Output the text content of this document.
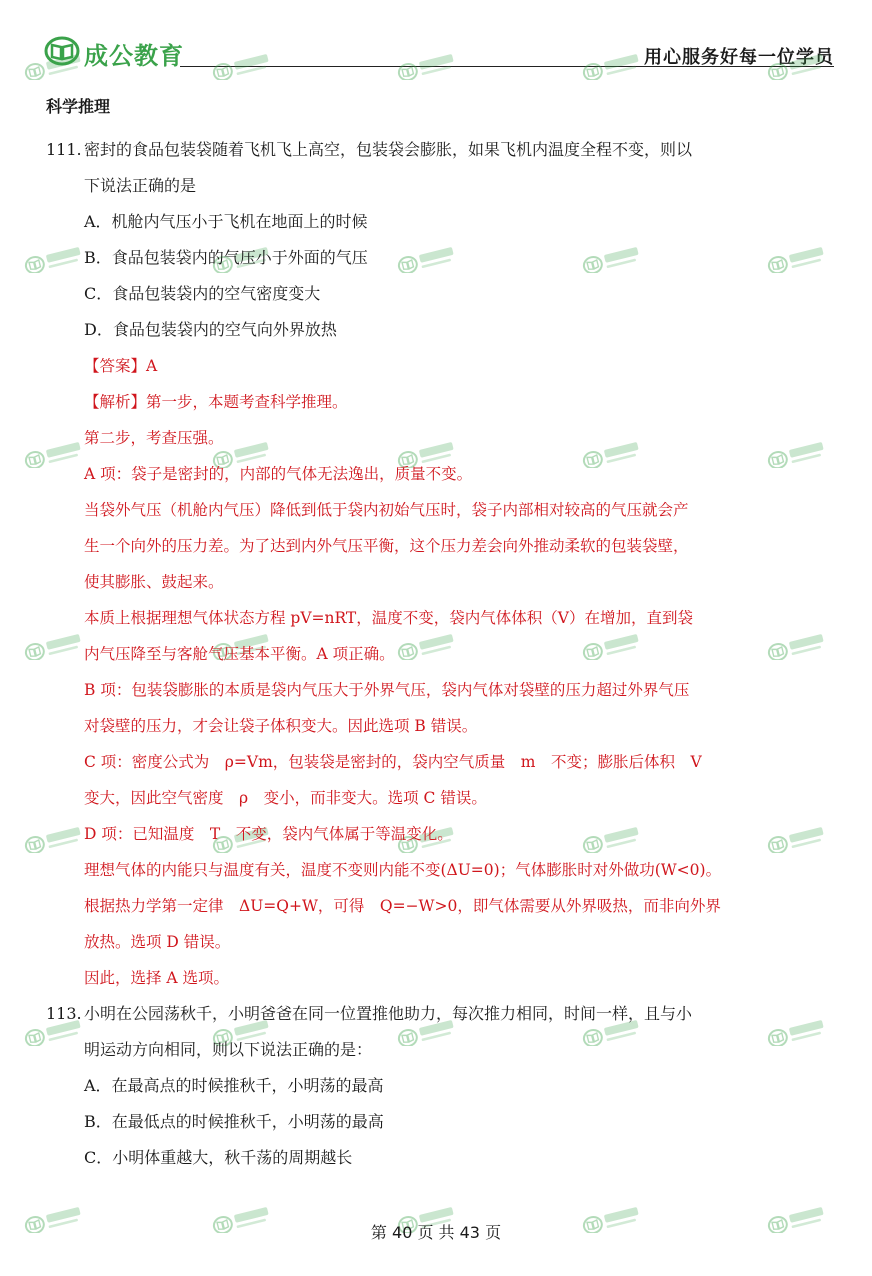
成公教育	用心服务好每一位学员
科学推理
111. 密封的食品包装袋随着飞机飞上高空，包装袋会膨胀，如果飞机内温度全程不变，则以
下说法正确的是
A．机舱内气压小于飞机在地面上的时候
B．食品包装袋内的气压小于外面的气压
C．食品包装袋内的空气密度变大
D．食品包装袋内的空气向外界放热
【答案】A
【解析】第一步，本题考查科学推理。
第二步，考查压强。
A 项：袋子是密封的，内部的气体无法逸出，质量不变。
当袋外气压（机舱内气压）降低到低于袋内初始气压时，袋子内部相对较高的气压就会产
生一个向外的压力差。为了达到内外气压平衡，这个压力差会向外推动柔软的包装袋壁，
使其膨胀、鼓起来。
本质上根据理想气体状态方程 pV=nRT，温度不变，袋内气体体积（V）在增加，直到袋
内气压降至与客舱气压基本平衡。A 项正确。
B 项：包装袋膨胀的本质是袋内气压大于外界气压，袋内气体对袋壁的压力超过外界气压
对袋壁的压力，才会让袋子体积变大。因此选项 B 错误。
C 项：密度公式为　ρ=Vm，包装袋是密封的，袋内空气质量　m　不变；膨胀后体积　V
变大，因此空气密度　ρ　变小，而非变大。选项 C 错误。
D 项：已知温度　T　不变，袋内气体属于等温变化。
理想气体的内能只与温度有关，温度不变则内能不变(ΔU=0)；气体膨胀时对外做功(W<0)。
根据热力学第一定律　ΔU=Q+W，可得　Q=−W>0，即气体需要从外界吸热，而非向外界
放热。选项 D 错误。
因此，选择 A 选项。
113. 小明在公园荡秋千，小明爸爸在同一位置推他助力，每次推力相同，时间一样，且与小
明运动方向相同，则以下说法正确的是：
A．在最高点的时候推秋千，小明荡的最高
B．在最低点的时候推秋千，小明荡的最高
C．小明体重越大，秋千荡的周期越长
第 40 页 共 43 页
